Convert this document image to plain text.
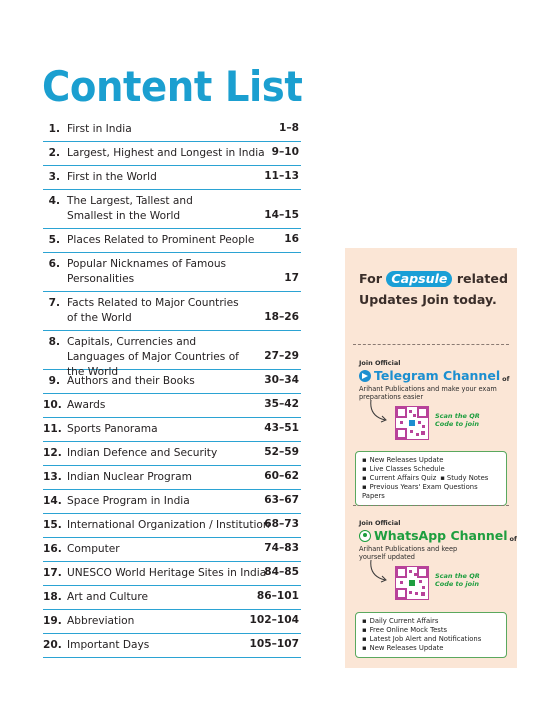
Content List
1. First in India	1–8
2. Largest, Highest and Longest in India 9–10
3. First in the World	11–13
4. The Largest, Tallest and Smallest in the World	14–15
5. Places Related to Prominent People	16
6. Popular Nicknames of Famous Personalities	17
7. Facts Related to Major Countries of the World	18–26
8. Capitals, Currencies and Languages of Major Countries of the World
27–29
9. Authors and their Books	30–34
10. Awards	35–42
11. Sports Panorama	43–51
12. Indian Defence and Security	52–59
13. Indian Nuclear Program	60–62
14. Space Program in India	63–67
15. International Organization / Institution
68–73
16. Computer	74–83
17. UNESCO World Heritage Sites in India
84–85
18. Art and Culture	86–101
19. Abbreviation	102–104
20. Important Days	105–107
For Capsule related
Updates Join today.
Join Official
Telegram Channel of
Arihant Publications and make your exam preparations easier
Scan the QR Code to join
▪ New Releases Update
▪ Live Classes Schedule
▪ Current Affairs Quiz▪ Study Notes
▪ Previous Years' Exam Questions Papers
Join Official
WhatsApp Channel of
Arihant Publications and keep yourself updated
Scan the QR Code to join
▪ Daily Current Affairs
▪ Free Online Mock Tests
▪ Latest Job Alert and Notifications
▪ New Releases Update
